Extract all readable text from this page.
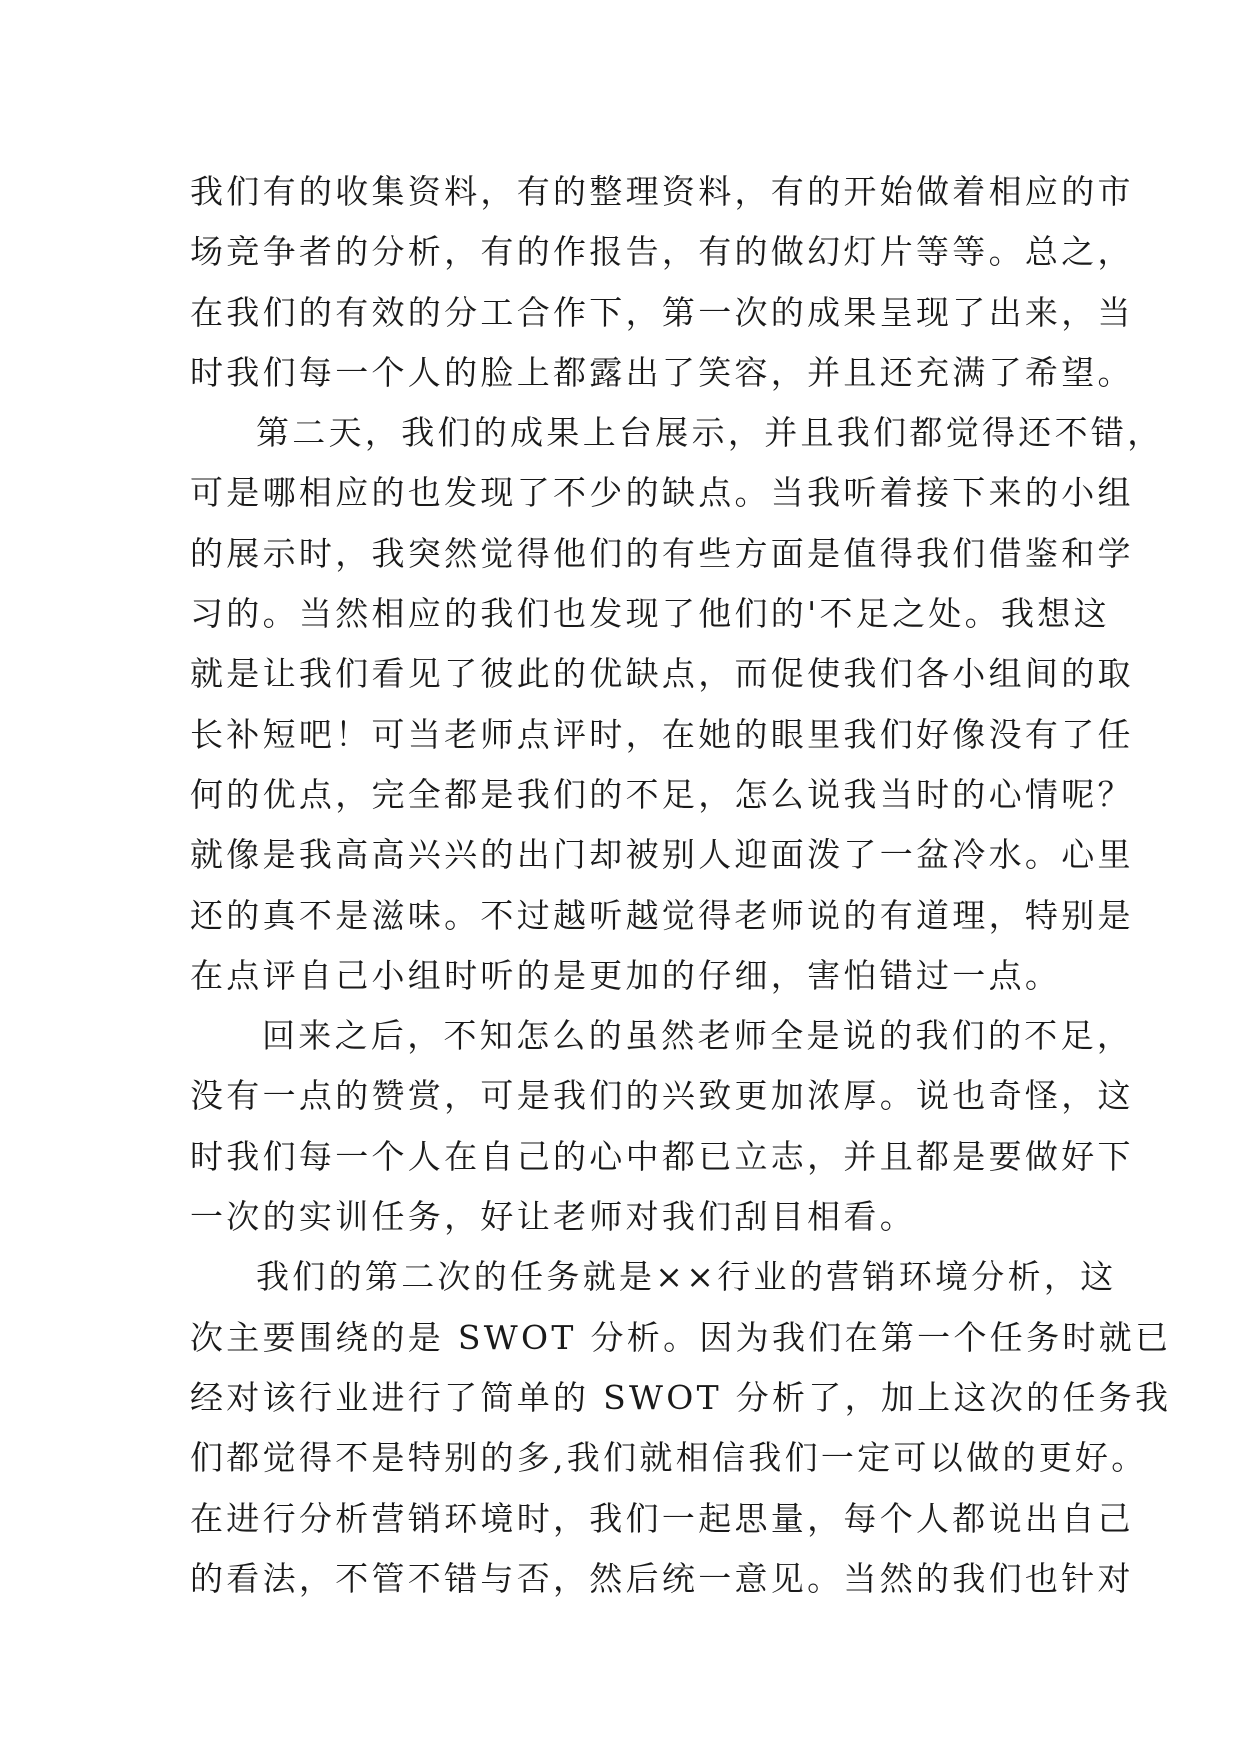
我们有的收集资料，有的整理资料，有的开始做着相应的市
场竞争者的分析，有的作报告，有的做幻灯片等等。总之，
在我们的有效的分工合作下，第一次的成果呈现了出来，当
时我们每一个人的脸上都露出了笑容，并且还充满了希望。
第二天，我们的成果上台展示，并且我们都觉得还不错，
可是哪相应的也发现了不少的缺点。当我听着接下来的小组
的展示时，我突然觉得他们的有些方面是值得我们借鉴和学
习的。当然相应的我们也发现了他们的'不足之处。我想这
就是让我们看见了彼此的优缺点，而促使我们各小组间的取
长补短吧！可当老师点评时，在她的眼里我们好像没有了任
何的优点，完全都是我们的不足，怎么说我当时的心情呢？
就像是我高高兴兴的出门却被别人迎面泼了一盆冷水。心里
还的真不是滋味。不过越听越觉得老师说的有道理，特别是
在点评自己小组时听的是更加的仔细，害怕错过一点。
回来之后，不知怎么的虽然老师全是说的我们的不足，
没有一点的赞赏，可是我们的兴致更加浓厚。说也奇怪，这
时我们每一个人在自己的心中都已立志，并且都是要做好下
一次的实训任务，好让老师对我们刮目相看。
我们的第二次的任务就是××行业的营销环境分析，这
次主要围绕的是 SWOT 分析。因为我们在第一个任务时就已
经对该行业进行了简单的 SWOT 分析了，加上这次的任务我
们都觉得不是特别的多,我们就相信我们一定可以做的更好。
在进行分析营销环境时，我们一起思量，每个人都说出自己
的看法，不管不错与否，然后统一意见。当然的我们也针对
